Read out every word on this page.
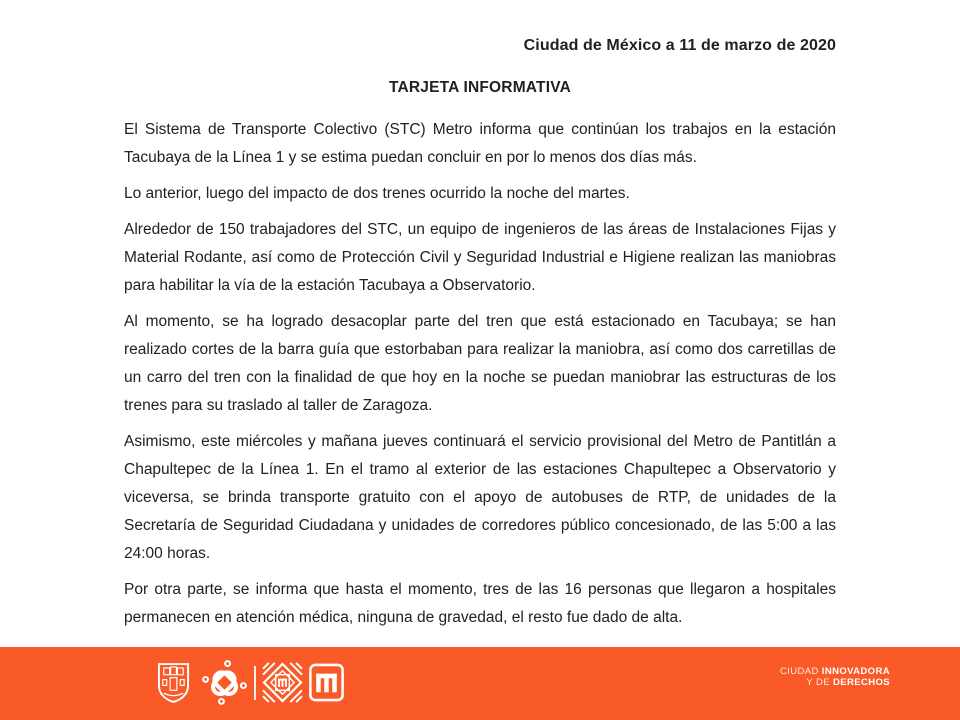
Ciudad de México a 11 de marzo de 2020
TARJETA INFORMATIVA

El Sistema de Transporte Colectivo (STC) Metro informa que continúan los trabajos en la estación Tacubaya de la Línea 1 y se estima puedan concluir en por lo menos dos días más.

Lo anterior, luego del impacto de dos trenes ocurrido la noche del martes.

Alrededor de 150 trabajadores del STC, un equipo de ingenieros de las áreas de Instalaciones Fijas y Material Rodante, así como de Protección Civil y Seguridad Industrial e Higiene realizan las maniobras para habilitar la vía de la estación Tacubaya a Observatorio.

Al momento, se ha logrado desacoplar parte del tren que está estacionado en Tacubaya; se han realizado cortes de la barra guía que estorbaban para realizar la maniobra, así como dos carretillas de un carro del tren con la finalidad de que hoy en la noche se puedan maniobrar las estructuras de los trenes para su traslado al taller de Zaragoza.

Asimismo, este miércoles y mañana jueves continuará el servicio provisional del Metro de Pantitlán a Chapultepec de la Línea 1. En el tramo al exterior de las estaciones Chapultepec a Observatorio y viceversa, se brinda transporte gratuito con el apoyo de autobuses de RTP, de unidades de la Secretaría de Seguridad Ciudadana y unidades de corredores público concesionado, de las 5:00 a las 24:00 horas.

Por otra parte, se informa que hasta el momento, tres de las 16 personas que llegaron a hospitales permanecen en atención médica, ninguna de gravedad, el resto fue dado de alta.

CIUDAD INNOVADORA
Y DE DERECHOS
